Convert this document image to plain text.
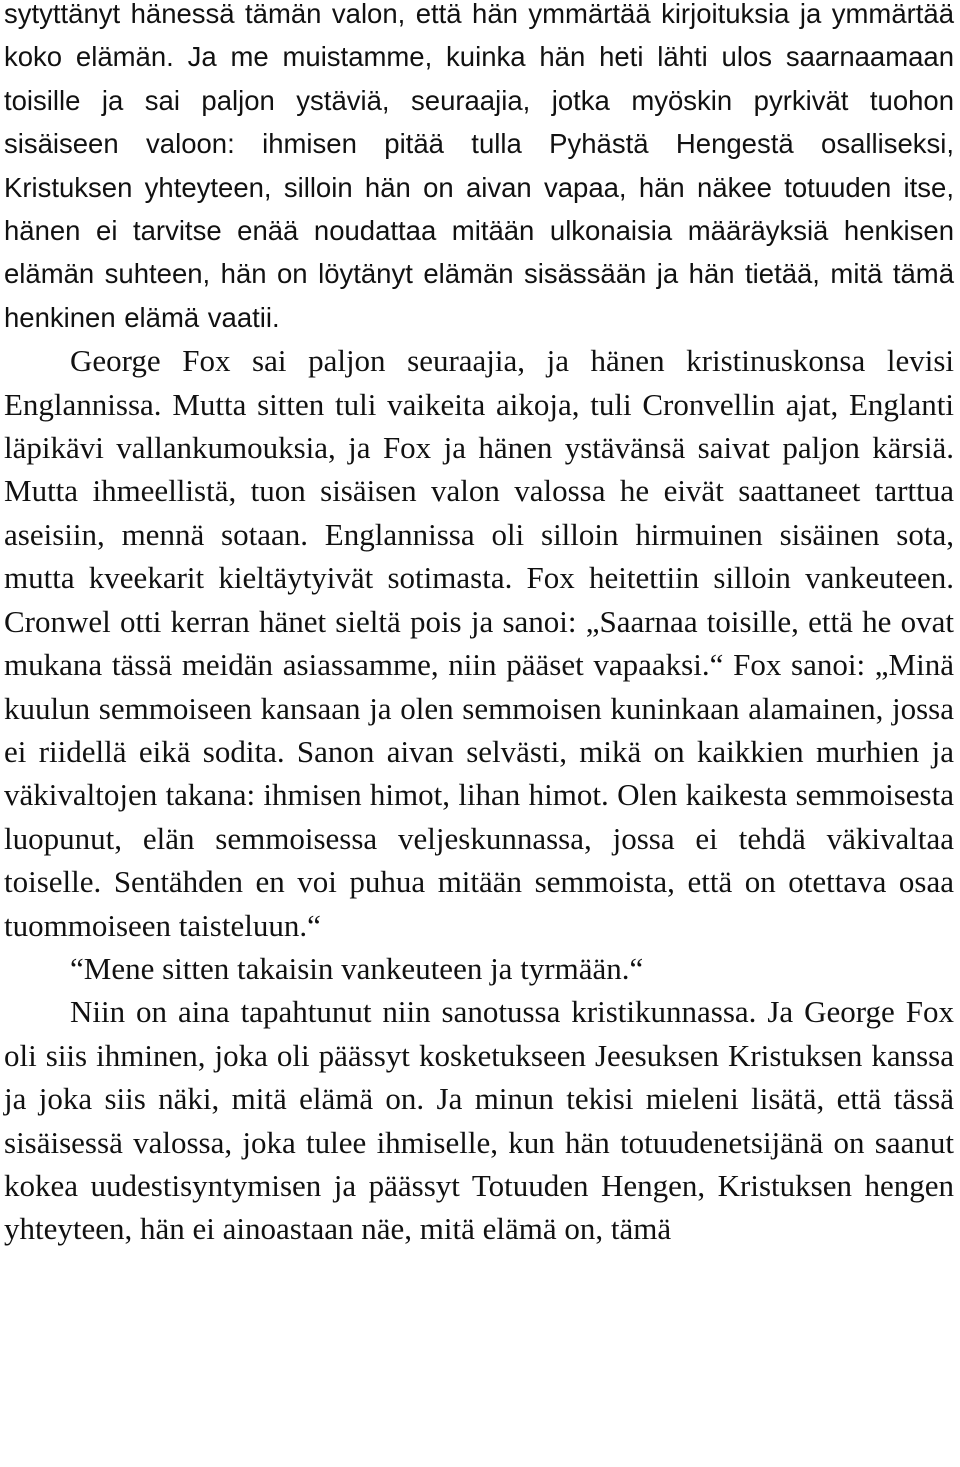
sytyttänyt hänessä tämän valon, että hän ymmärtää kirjoituksia ja ymmärtää koko elämän. Ja me muistamme, kuinka hän heti lähti ulos saarnaamaan toisille ja sai paljon ystäviä, seuraajia, jotka myöskin pyrkivät tuohon sisäiseen valoon: ihmisen pitää tulla Pyhästä Hengestä osalliseksi, Kristuksen yhteyteen, silloin hän on aivan vapaa, hän näkee totuuden itse, hänen ei tarvitse enää noudattaa mitään ulkonaisia määräyksiä henkisen elämän suhteen, hän on löytänyt elämän sisässään ja hän tietää, mitä tämä henkinen elämä vaatii.

George Fox sai paljon seuraajia, ja hänen kristinuskonsa levisi Englannissa. Mutta sitten tuli vaikeita aikoja, tuli Cronvellin ajat, Englanti läpikävi vallankumouksia, ja Fox ja hänen ystävänsä saivat paljon kärsiä. Mutta ihmeellistä, tuon sisäisen valon valossa he eivät saattaneet tarttua aseisiin, mennä sotaan. Englannissa oli silloin hirmuinen sisäinen sota, mutta kveekarit kieltäytyivät sotimasta. Fox heitettiin silloin vankeuteen. Cronwel otti kerran hänet sieltä pois ja sanoi: „Saarnaa toisille, että he ovat mukana tässä meidän asiassamme, niin pääset vapaaksi.“ Fox sanoi: „Minä kuulun semmoiseen kansaan ja olen semmoisen kuninkaan alamainen, jossa ei riidellä eikä sodita. Sanon aivan selvästi, mikä on kaikkien murhien ja väkivaltojen takana: ihmisen himot, lihan himot. Olen kaikesta semmoisesta luopunut, elän semmoisessa veljeskunnassa, jossa ei tehdä väkivaltaa toiselle. Sentähden en voi puhua mitään semmoista, että on otettava osaa tuommoiseen taisteluun.“

“Mene sitten takaisin vankeuteen ja tyrmään.“

Niin on aina tapahtunut niin sanotussa kristikunnassa. Ja George Fox oli siis ihminen, joka oli päässyt kosketukseen Jeesuksen Kristuksen kanssa ja joka siis näki, mitä elämä on. Ja minun tekisi mieleni lisätä, että tässä sisäisessä valossa, joka tulee ihmiselle, kun hän totuudenetsijänä on saanut kokea uudestisyntymisen ja päässyt Totuuden Hengen, Kristuksen hengen yhteyteen, hän ei ainoastaan näe, mitä elämä on, tämä
